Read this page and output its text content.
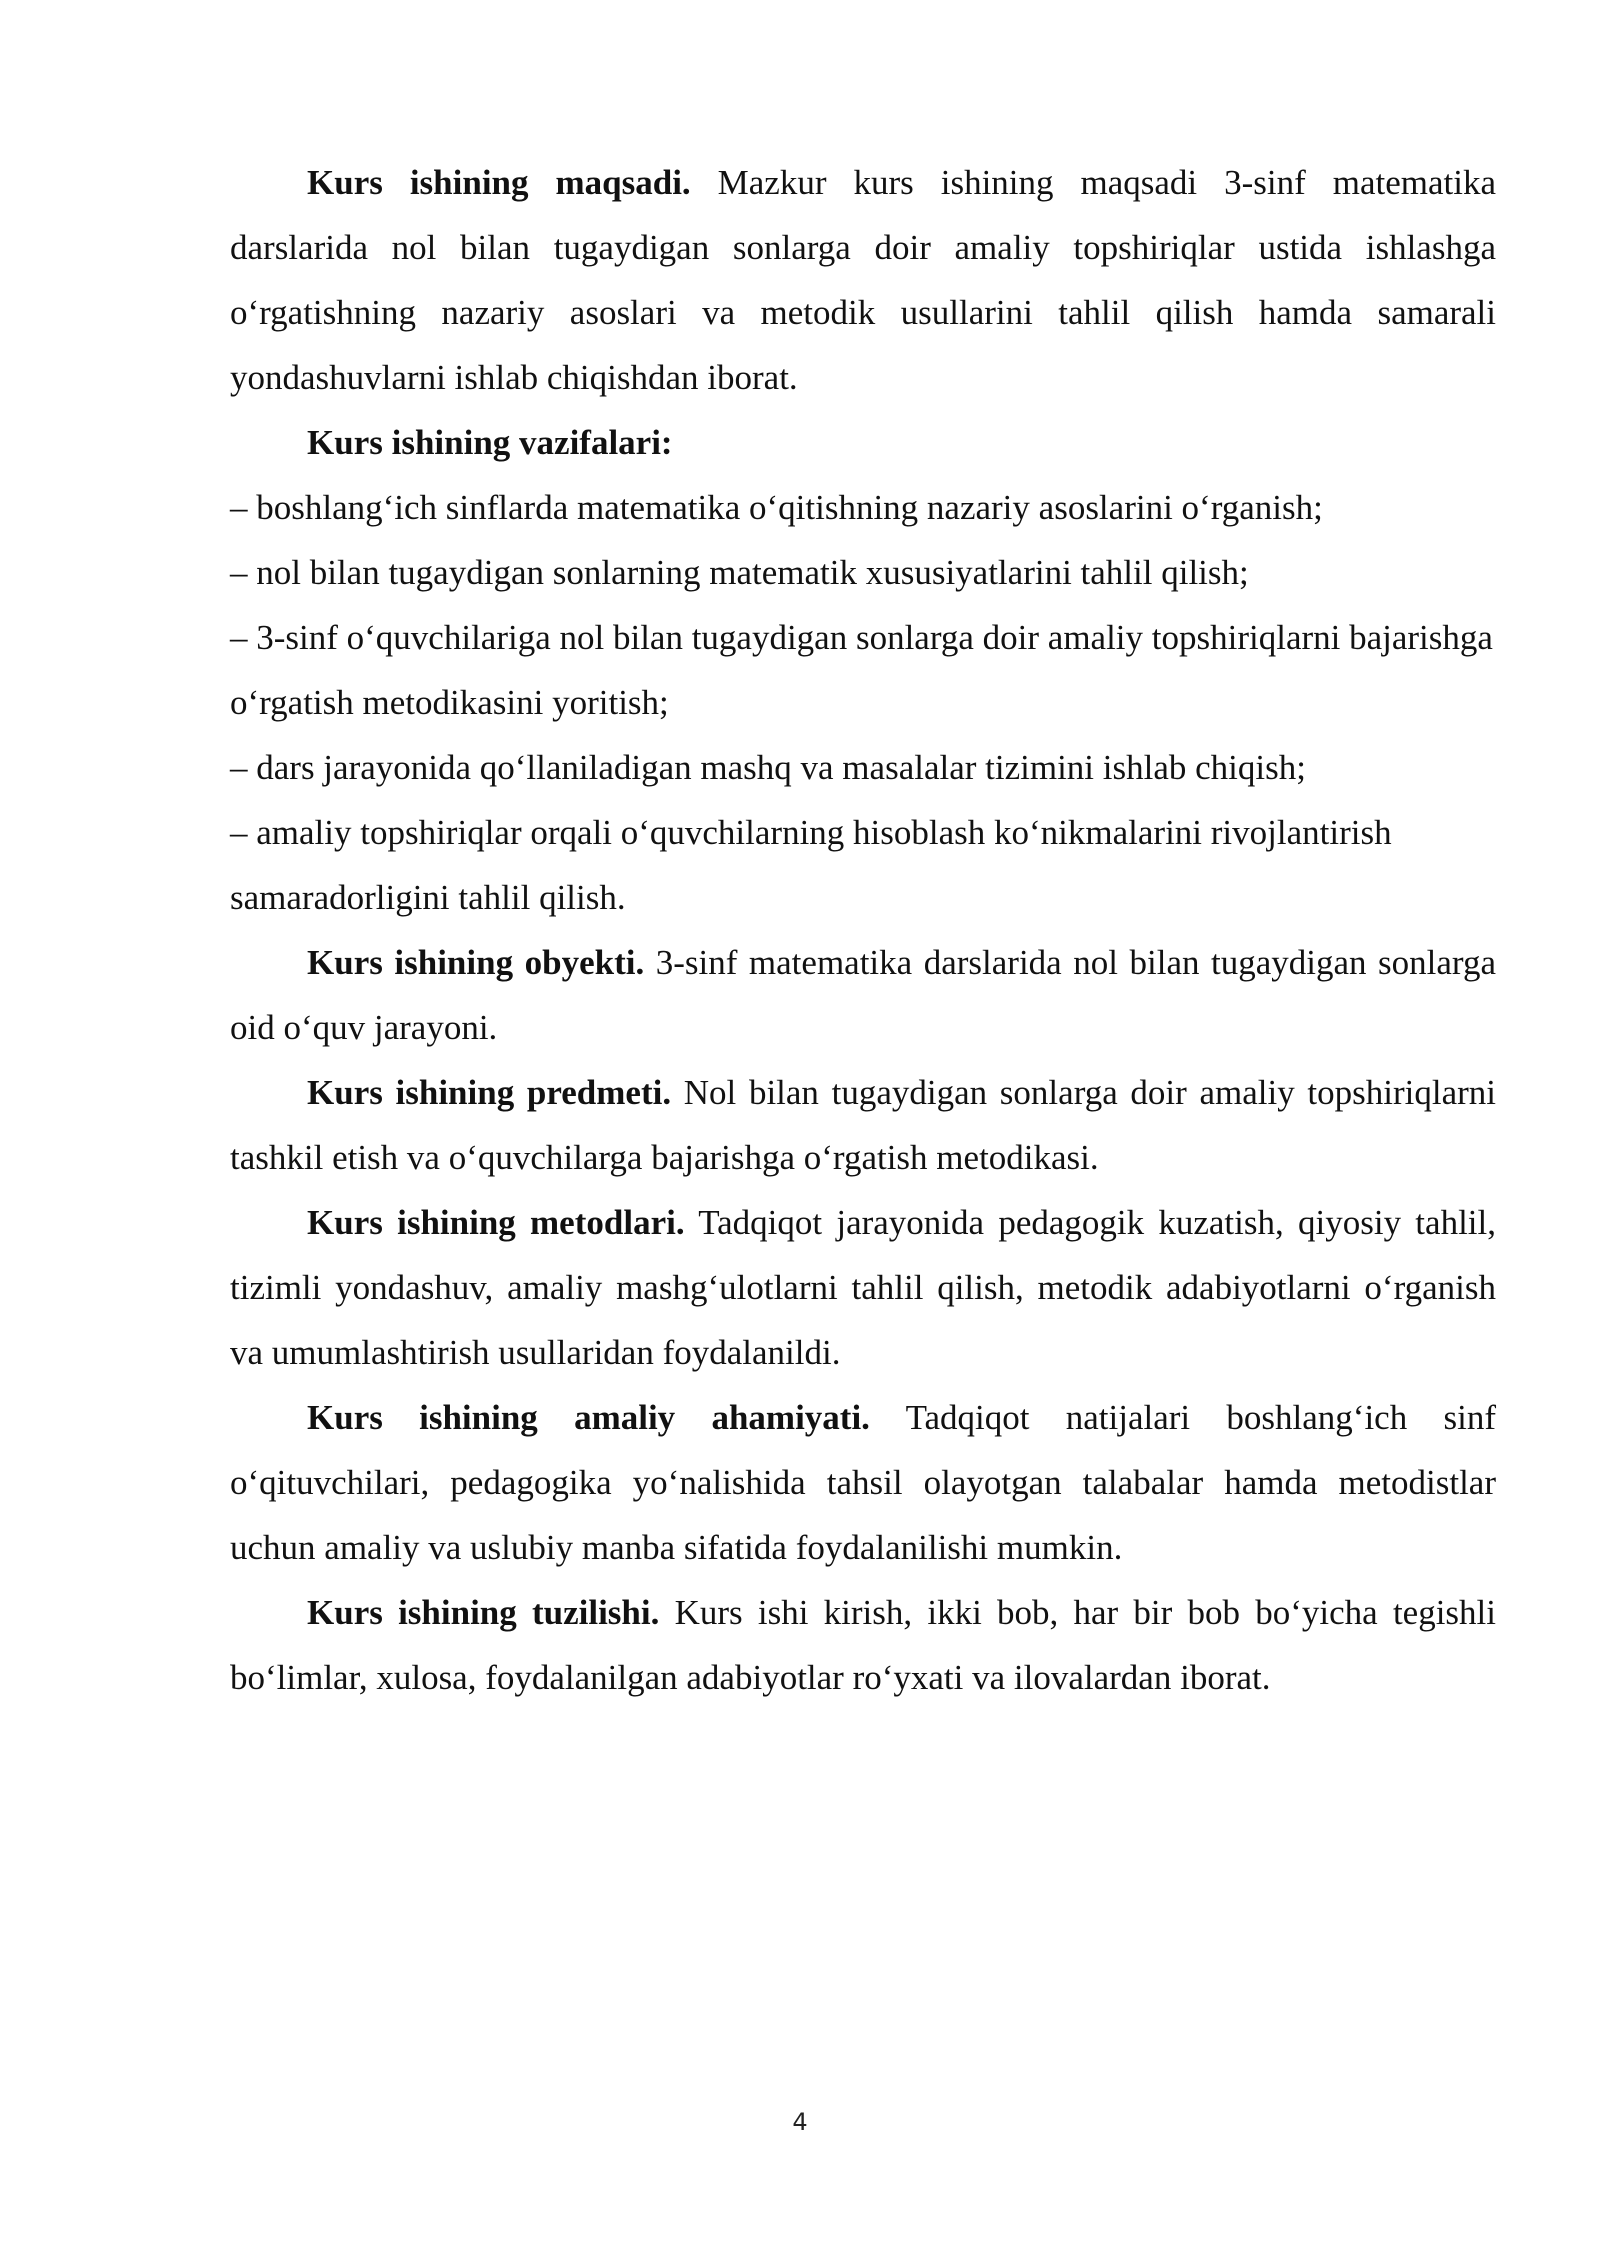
Kurs ishining maqsadi. Mazkur kurs ishining maqsadi 3-sinf matematika darslarida nol bilan tugaydigan sonlarga doir amaliy topshiriqlar ustida ishlashga o‘rgatishning nazariy asoslari va metodik usullarini tahlil qilish hamda samarali yondashuvlarni ishlab chiqishdan iborat.

Kurs ishining vazifalari:

– boshlang‘ich sinflarda matematika o‘qitishning nazariy asoslarini o‘rganish;

– nol bilan tugaydigan sonlarning matematik xususiyatlarini tahlil qilish;

– 3-sinf o‘quvchilariga nol bilan tugaydigan sonlarga doir amaliy topshiriqlarni bajarishga o‘rgatish metodikasini yoritish;

– dars jarayonida qo‘llaniladigan mashq va masalalar tizimini ishlab chiqish;

– amaliy topshiriqlar orqali o‘quvchilarning hisoblash ko‘nikmalarini rivojlantirish samaradorligini tahlil qilish.

Kurs ishining obyekti. 3-sinf matematika darslarida nol bilan tugaydigan sonlarga oid o‘quv jarayoni.

Kurs ishining predmeti. Nol bilan tugaydigan sonlarga doir amaliy topshiriqlarni tashkil etish va o‘quvchilarga bajarishga o‘rgatish metodikasi.

Kurs ishining metodlari. Tadqiqot jarayonida pedagogik kuzatish, qiyosiy tahlil, tizimli yondashuv, amaliy mashg‘ulotlarni tahlil qilish, metodik adabiyotlarni o‘rganish va umumlashtirish usullaridan foydalanildi.

Kurs ishining amaliy ahamiyati. Tadqiqot natijalari boshlang‘ich sinf o‘qituvchilari, pedagogika yo‘nalishida tahsil olayotgan talabalar hamda metodistlar uchun amaliy va uslubiy manba sifatida foydalanilishi mumkin.

Kurs ishining tuzilishi. Kurs ishi kirish, ikki bob, har bir bob bo‘yicha tegishli bo‘limlar, xulosa, foydalanilgan adabiyotlar ro‘yxati va ilovalardan iborat.

4
